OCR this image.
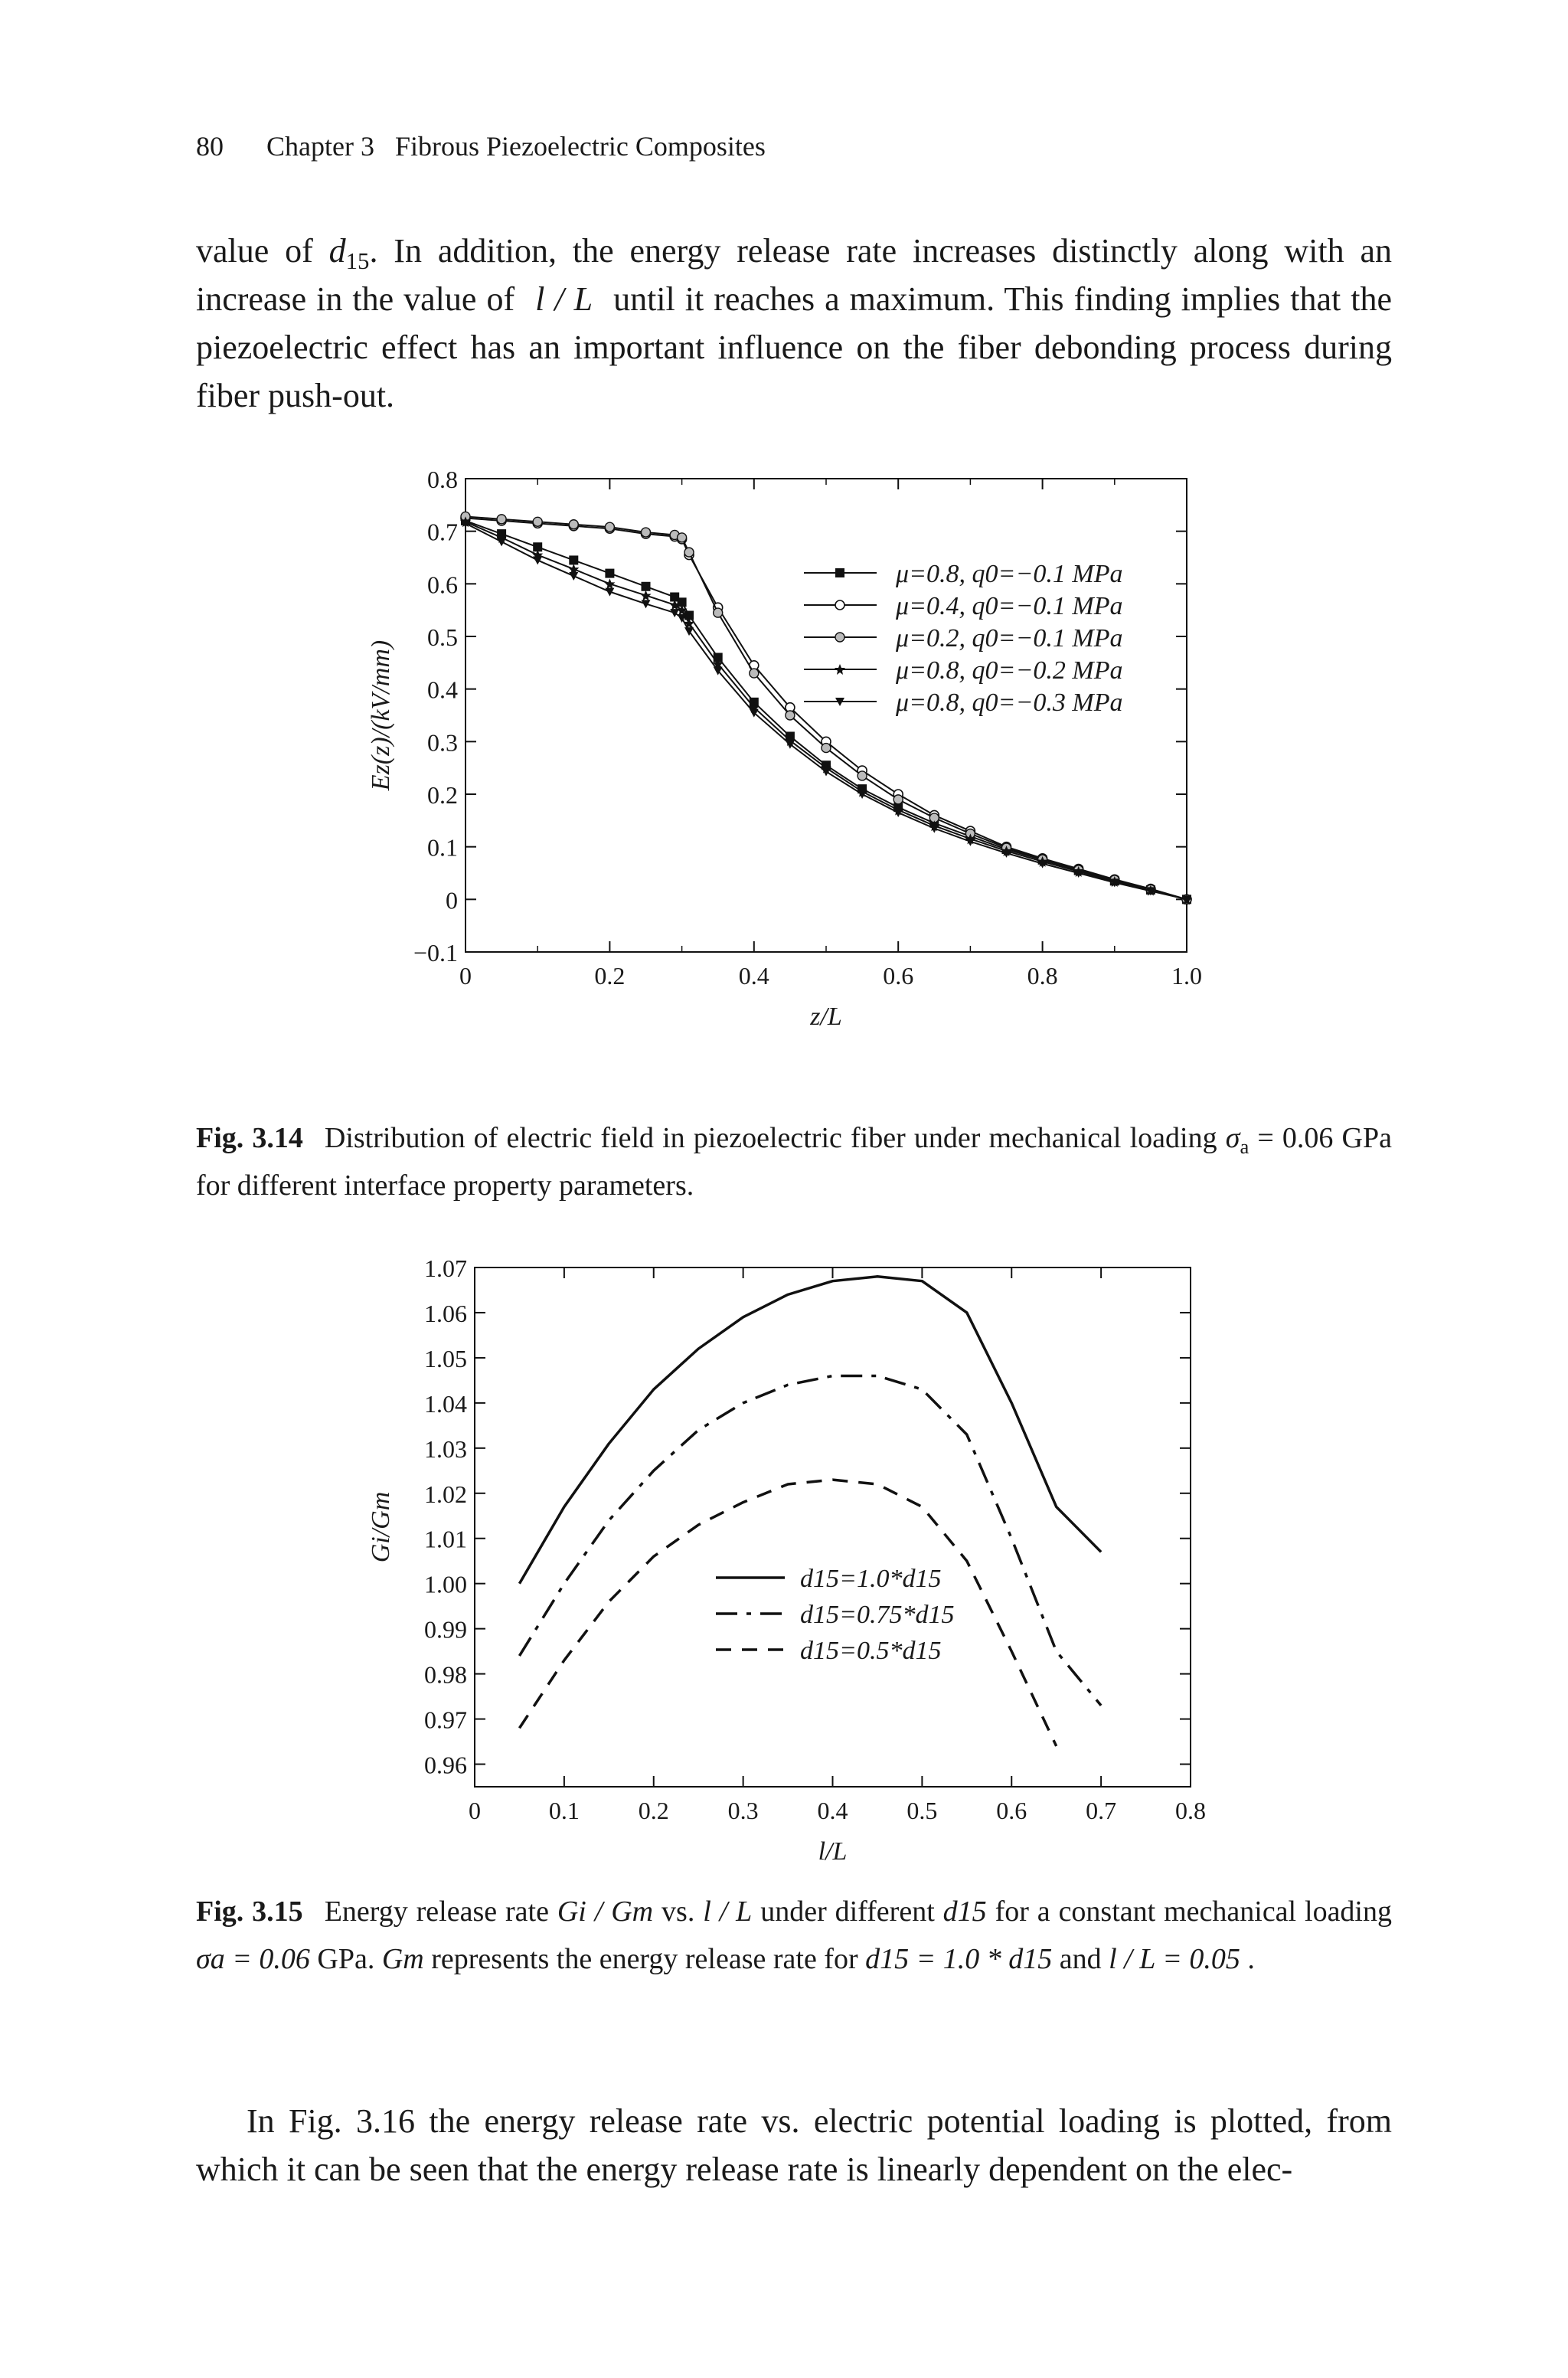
80 Chapter 3   Fibrous Piezoelectric Composites

value of $d_{15}$. In addition, the energy release rate increases distinctly along with an increase in the value of l / L until it reaches a maximum. This finding implies that the piezoelectric effect has an important influence on the fiber debonding process during fiber push-out.

−0.1
0
0.1
0.2
0.3
0.4
0.5
0.6
0.7
0.8
0	0.2	0.4	0.6	0.8	1.0
z/L
Ez(z)/(kV/mm)
μ=0.8, q0=−0.1 MPa
μ=0.4, q0=−0.1 MPa
μ=0.2, q0=−0.1 MPa
μ=0.8, q0=−0.2 MPa
μ=0.8, q0=−0.3 MPa
Fig. 3.14 Distribution of electric field in piezoelectric fiber under mechanical loading $\sigma_a = 0.06$ GPa for different interface property parameters.
0.96
0.97
0.98
0.99
1.00
1.01
1.02
1.03
1.04
1.05
1.06
1.07
0	0.1 0.2 0.3 0.4 0.5 0.6 0.7 0.8
l/L
Gi/Gm
d15=1.0*d15
d15=0.75*d15
d15=0.5*d15
Fig. 3.15 Energy release rate Gi / Gm vs. l / L under different d15 for a constant mechanical loading σa = 0.06 GPa. Gm represents the energy release rate for d15 = 1.0 * d15 and l / L = 0.05 .

In Fig. 3.16 the energy release rate vs. electric potential loading is plotted, from which it can be seen that the energy release rate is linearly dependent on the elec-
